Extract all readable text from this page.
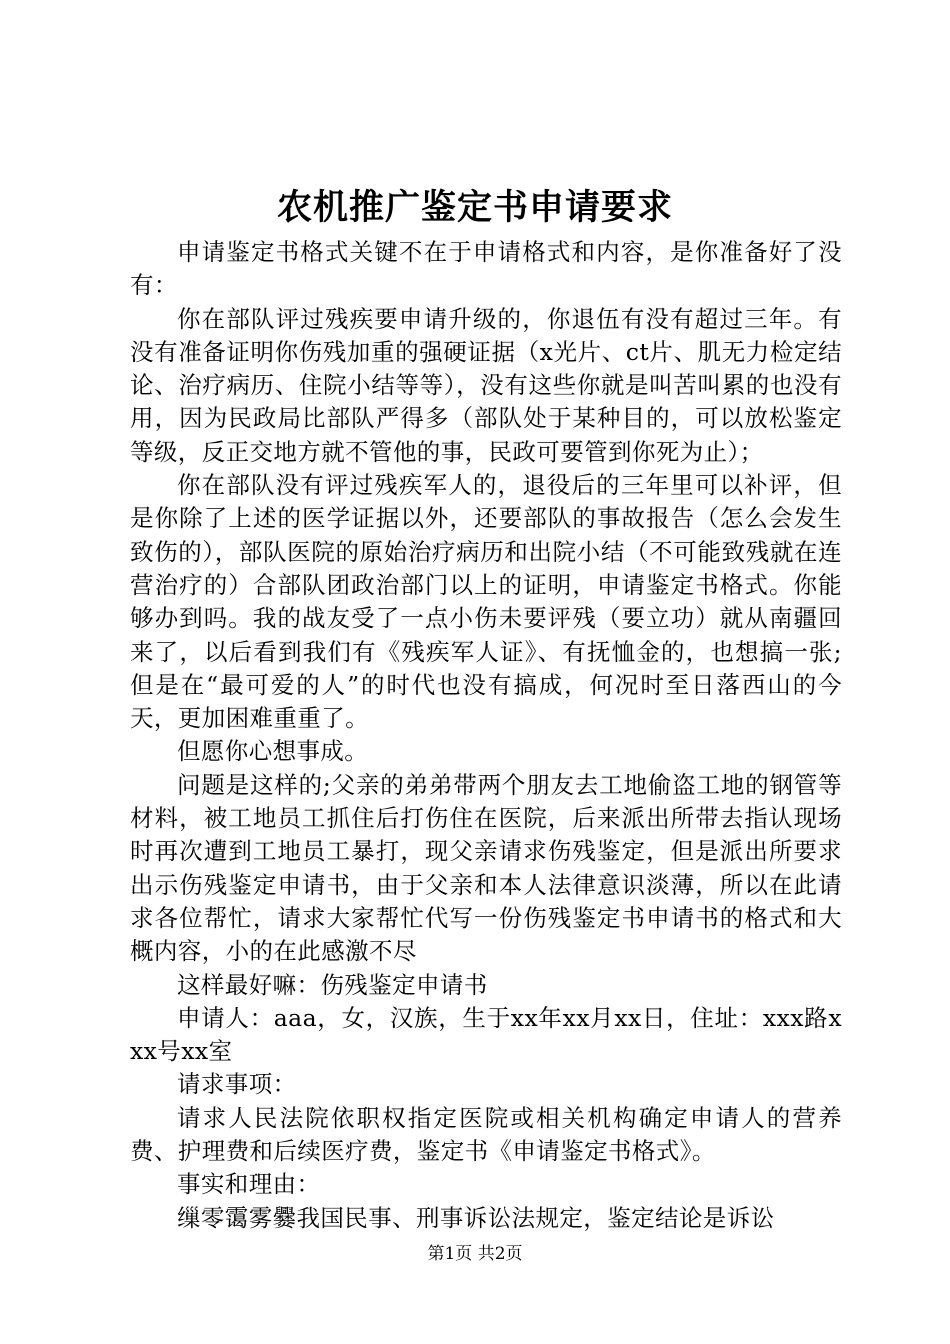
农机推广鉴定书申请要求

申请鉴定书格式关键不在于申请格式和内容，是你准备好了没有：

你在部队评过残疾要申请升级的，你退伍有没有超过三年。有没有准备证明你伤残加重的强硬证据（x光片、ct片、肌无力检定结论、治疗病历、住院小结等等），没有这些你就是叫苦叫累的也没有用，因为民政局比部队严得多（部队处于某种目的，可以放松鉴定等级，反正交地方就不管他的事，民政可要管到你死为止）；

你在部队没有评过残疾军人的，退役后的三年里可以补评，但是你除了上述的医学证据以外，还要部队的事故报告（怎么会发生致伤的），部队医院的原始治疗病历和出院小结（不可能致残就在连营治疗的）合部队团政治部门以上的证明，申请鉴定书格式。你能够办到吗。我的战友受了一点小伤未要评残（要立功）就从南疆回来了，以后看到我们有《残疾军人证》、有抚恤金的，也想搞一张;但是在“最可爱的人”的时代也没有搞成，何况时至日落西山的今天，更加困难重重了。

但愿你心想事成。

问题是这样的;父亲的弟弟带两个朋友去工地偷盗工地的钢管等材料，被工地员工抓住后打伤住在医院，后来派出所带去指认现场时再次遭到工地员工暴打，现父亲请求伤残鉴定，但是派出所要求出示伤残鉴定申请书，由于父亲和本人法律意识淡薄，所以在此请求各位帮忙，请求大家帮忙代写一份伤残鉴定书申请书的格式和大概内容，小的在此感激不尽

这样最好嘛：伤残鉴定申请书

申请人：aaa，女，汉族，生于xx年xx月xx日，住址：xxx路xxx号xx室

请求事项：

请求人民法院依职权指定医院或相关机构确定申请人的营养费、护理费和后续医疗费，鉴定书《申请鉴定书格式》。

事实和理由：

缫零霭雾爨我国民事、刑事诉讼法规定，鉴定结论是诉讼

第1页 共2页
